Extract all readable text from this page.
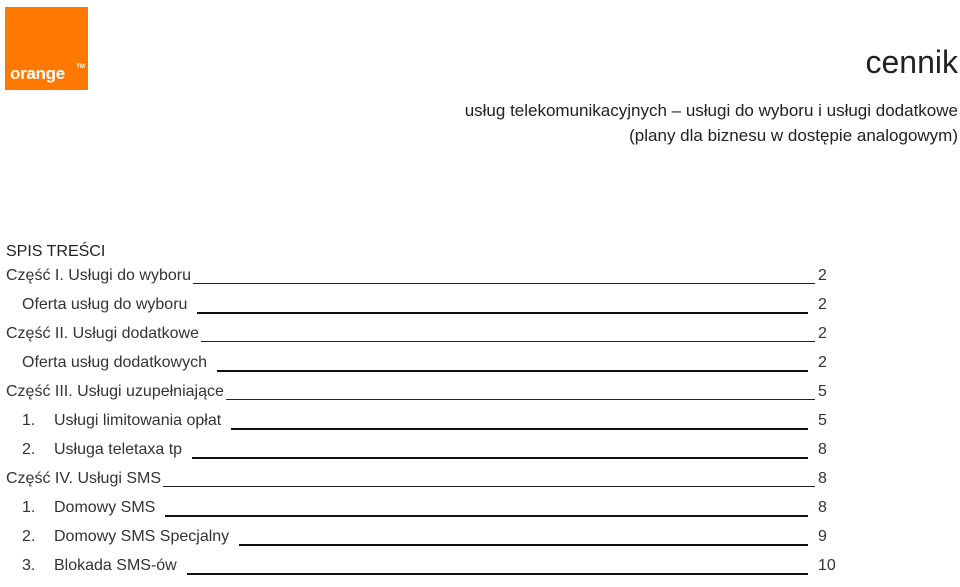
orange TM	cennik
usług telekomunikacyjnych – usługi do wyboru i usługi dodatkowe
(plany dla biznesu w dostępie analogowym)
SPIS TREŚCI
Część I. Usługi do wyboru	2
Oferta usług do wyboru	2
Część II. Usługi dodatkowe	2
Oferta usług dodatkowych	2
Część III. Usługi uzupełniające	5
1. Usługi limitowania opłat	5
2. Usługa teletaxa tp	8
Część IV. Usługi SMS	8
1. Domowy SMS	8
2. Domowy SMS Specjalny	9
3. Blokada SMS-ów	10
